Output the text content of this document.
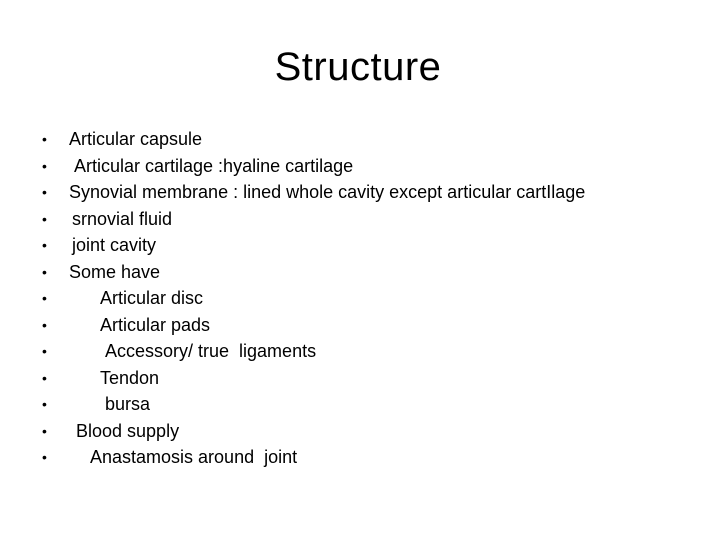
Structure

•

	Articular capsule

•

	Articular cartilage :hyaline cartilage

•

	Synovial membrane : lined whole cavity except articular cartIlage

•

	srnovial fluid

•

	joint cavity

•

	Some have

•

	Articular disc

•

	Articular pads

•

	Accessory/ true  ligaments

•

	Tendon

•

	bursa

•

	Blood supply

•

	Anastamosis around  joint
